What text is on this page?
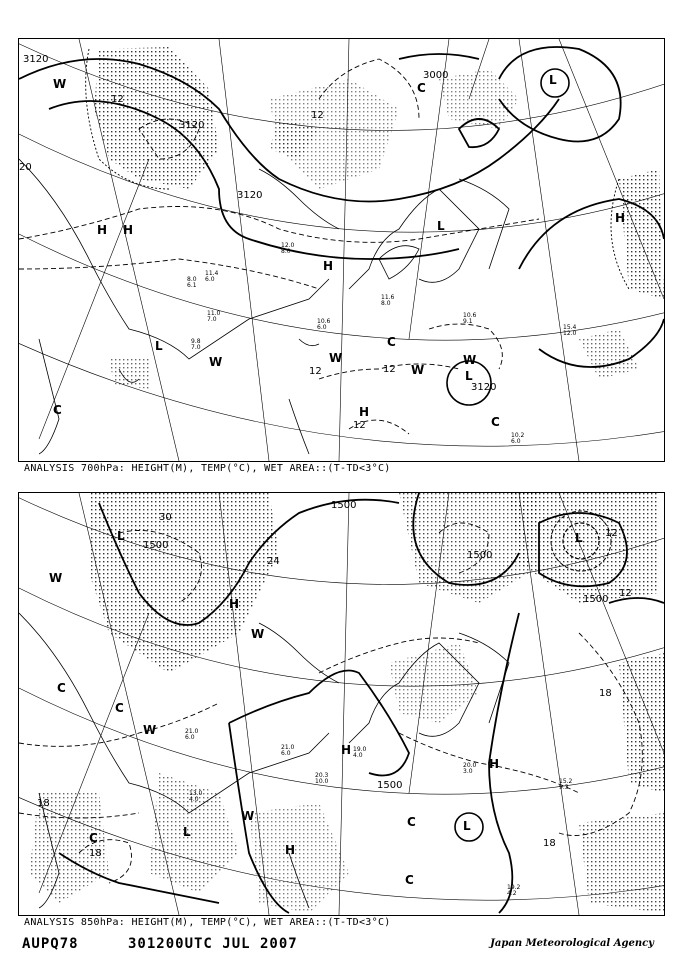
3120
3120
3120
3120
3000
W
H H
H
H
W
W
L
L
L
L
W
W
H
12
12	12
12
12
20
C
C
C
C
10.6
9.1
15.4
12.0
10.2
6.0
11.0
7.0
9.8
7.0
11.4
6.0
12.0
8.0
11.6
8.0
10.6
6.0
8.0
6.1
ANALYSIS 700hPa: HEIGHT(M), TEMP(°C), WET AREA::(T-TD<3°C)
1500
1500
1500
1500
1500
W
W
H
H
H
H
L	L
L
L
W
W
30
24
18
18
18
18
12
12
C
C
C
C
C
20.0
3.0
19.2
4.2
15.2
9.3
21.0
6.0
20.3
10.0
21.0
6.0
13.0
4.0
19.0
4.0
ANALYSIS 850hPa: HEIGHT(M), TEMP(°C), WET AREA::(T-TD<3°C)
AUPQ78	301200UTC JUL 2007	Japan Meteorological Agency
